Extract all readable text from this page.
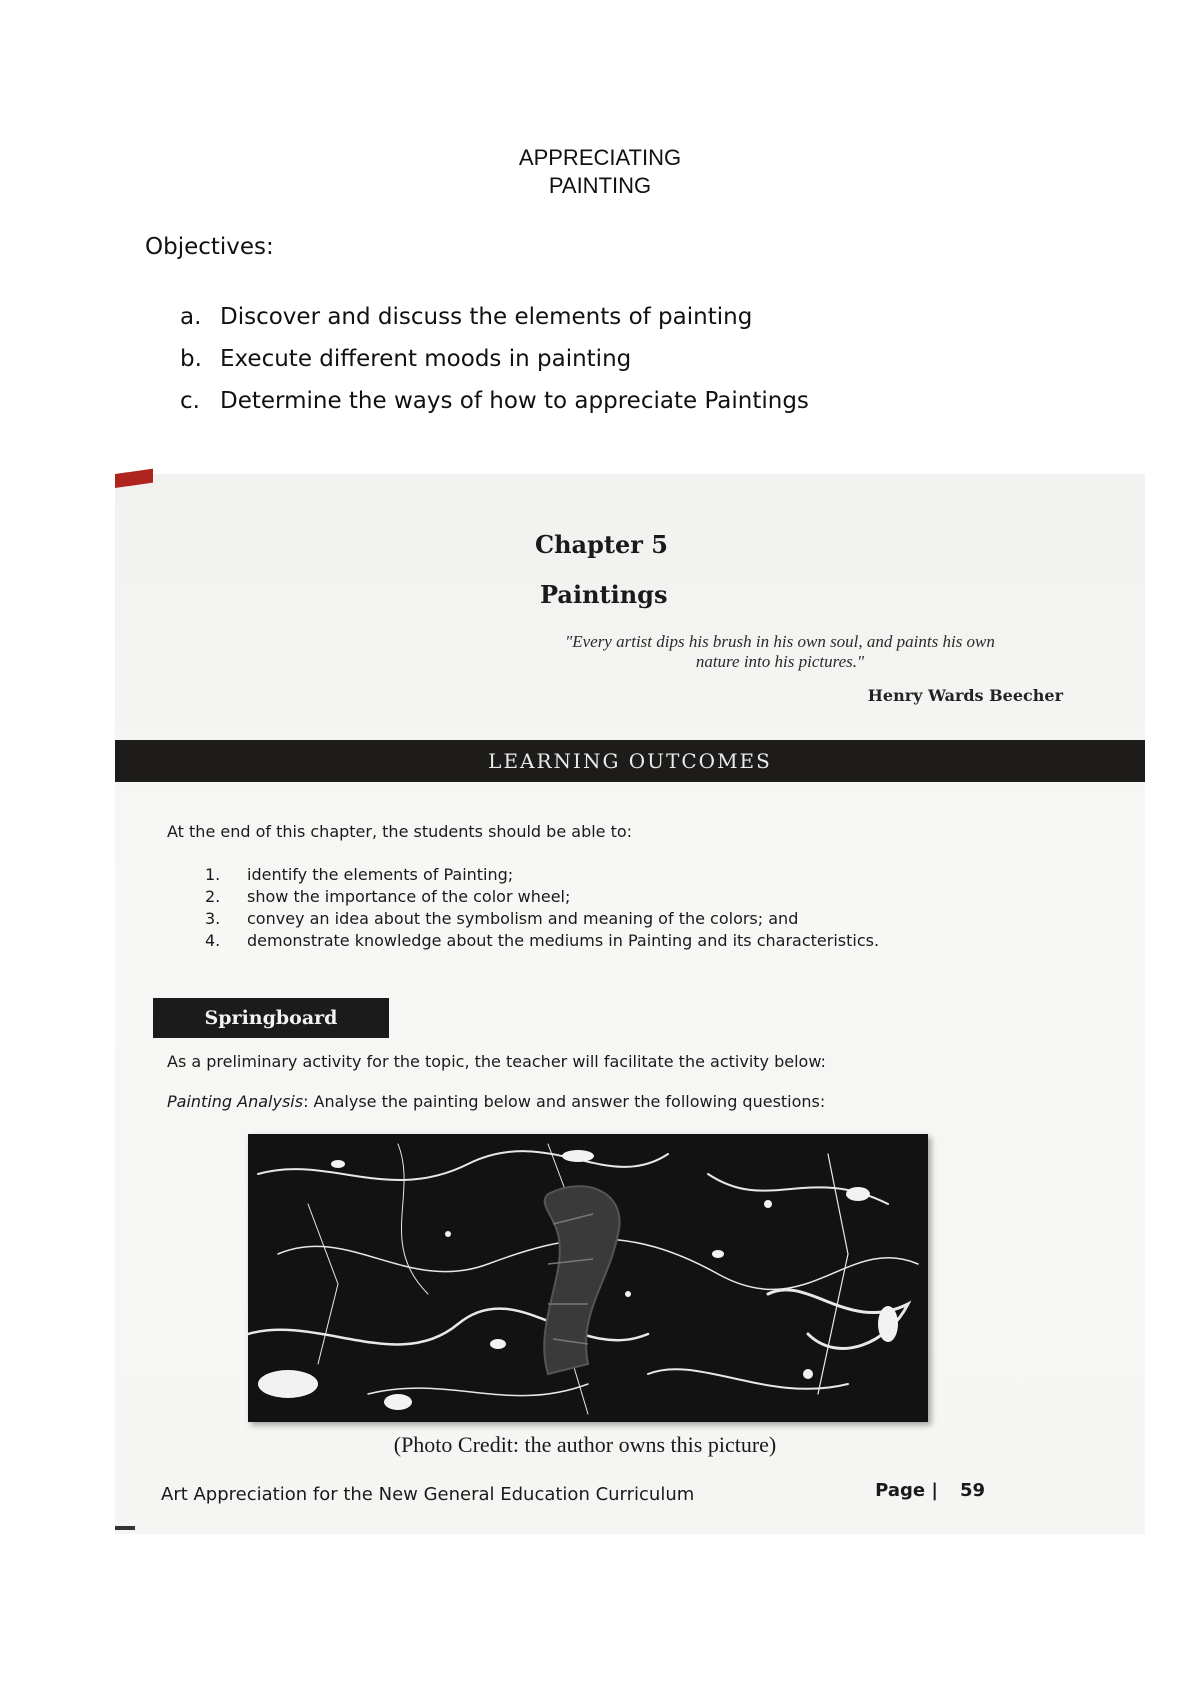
APPRECIATING
PAINTING
Objectives:
a. Discover and discuss the elements of painting
b. Execute different moods in painting
c. Determine the ways of how to appreciate Paintings
Chapter 5
Paintings
"Every artist dips his brush in his own soul, and paints his own nature into his pictures."
Henry Wards Beecher
LEARNING OUTCOMES
At the end of this chapter, the students should be able to:
1.	identify the elements of Painting;
2.	show the importance of the color wheel;
3.	convey an idea about the symbolism and meaning of the colors; and
4.	demonstrate knowledge about the mediums in Painting and its characteristics.
Springboard
As a preliminary activity for the topic, the teacher will facilitate the activity below:
Painting Analysis: Analyse the painting below and answer the following questions:
(Photo Credit: the author owns this picture)
Art Appreciation for the New General Education Curriculum	Page | 59
